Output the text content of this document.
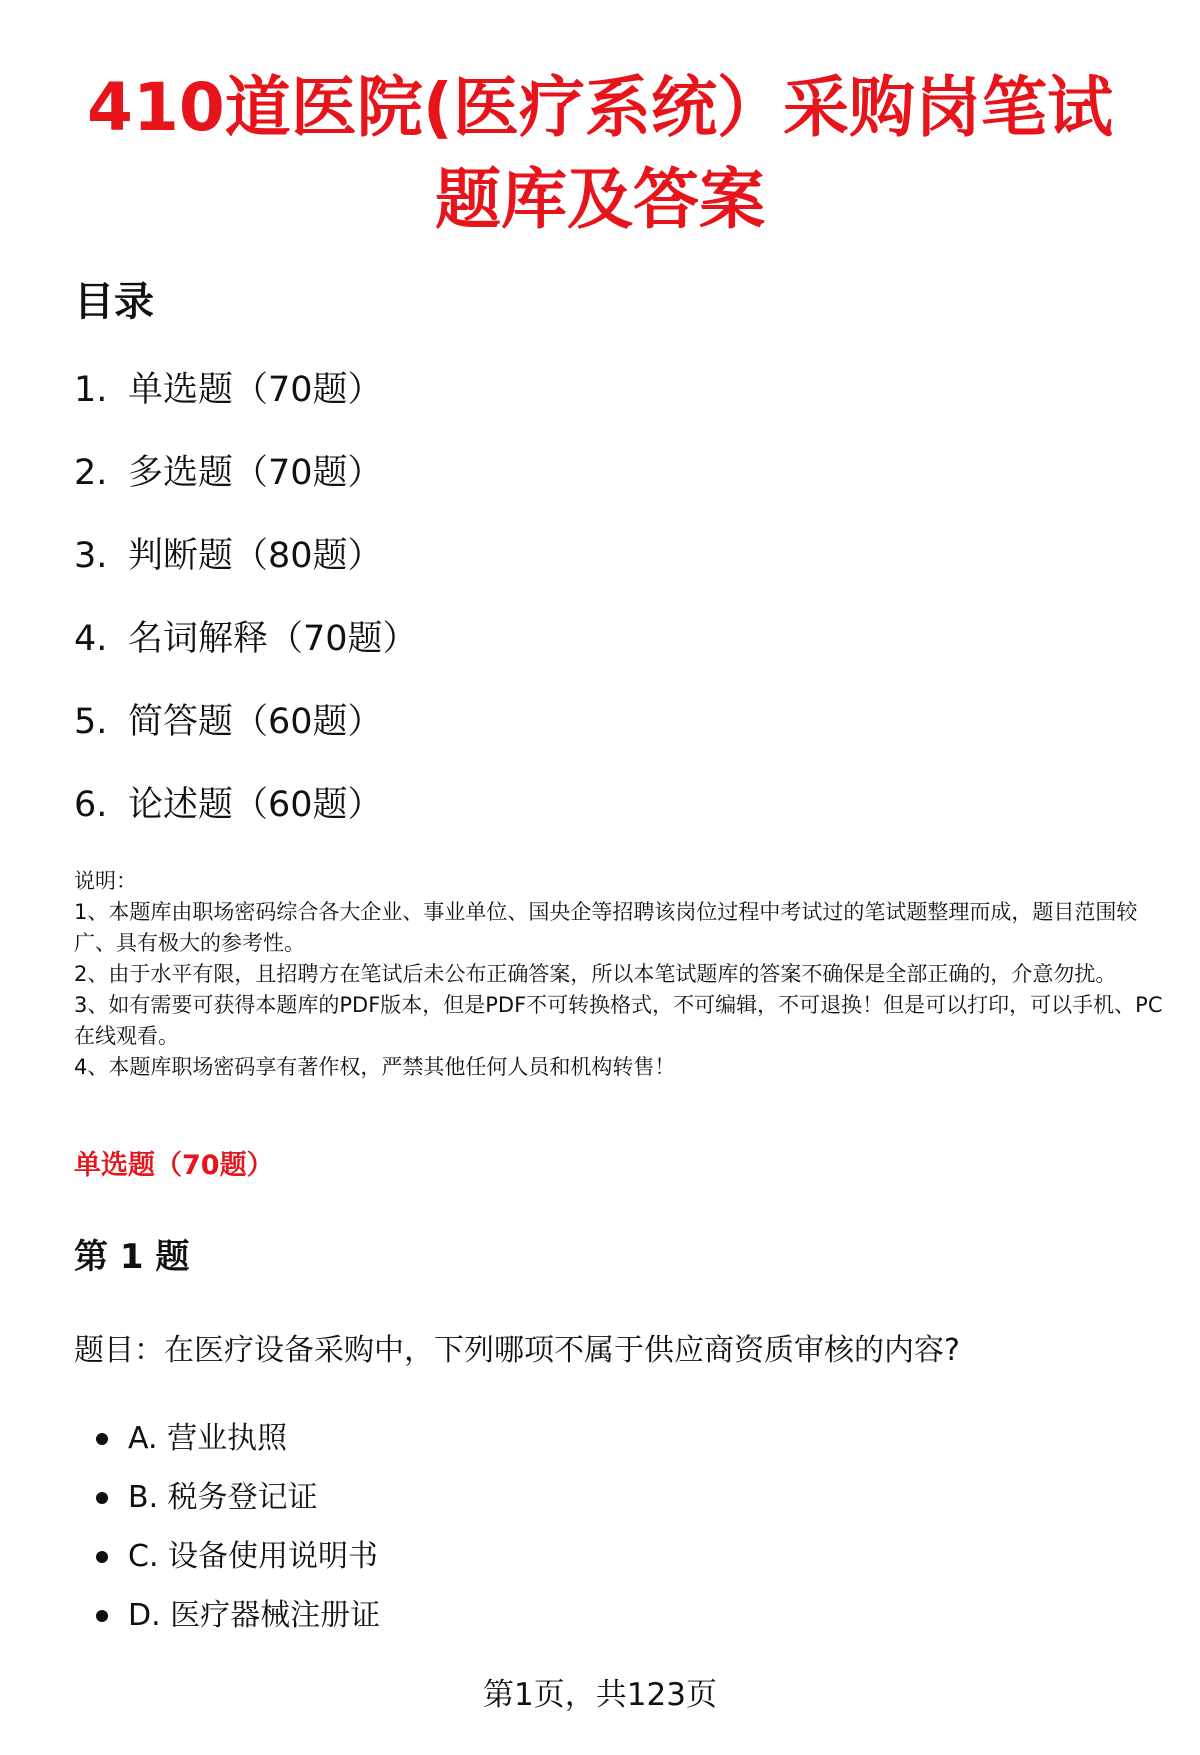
410道医院(医疗系统）采购岗笔试题库及答案
目录
1. 单选题（70题）
2. 多选题（70题）
3. 判断题（80题）
4. 名词解释（70题）
5. 简答题（60题）
6. 论述题（60题）

说明：

1、本题库由职场密码综合各大企业、事业单位、国央企等招聘该岗位过程中考试过的笔试题整理而成，题目范围较广、具有极大的参考性。

2、由于水平有限，且招聘方在笔试后未公布正确答案，所以本笔试题库的答案不确保是全部正确的，介意勿扰。

3、如有需要可获得本题库的PDF版本，但是PDF不可转换格式，不可编辑，不可退换！但是可以打印，可以手机、PC在线观看。

4、本题库职场密码享有著作权，严禁其他任何人员和机构转售！

单选题（70题）
第 1 题

题目：在医疗设备采购中，下列哪项不属于供应商资质审核的内容?

A. 营业执照
B. 税务登记证
C. 设备使用说明书
D. 医疗器械注册证
第1页，共123页
